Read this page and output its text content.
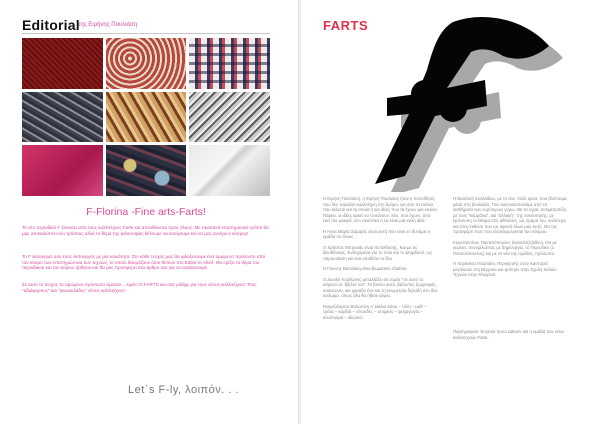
Editorial
της Ειρήνης Πουλιάση
F-Florina -Fine arts-Farts!

Το νέο περιοδικό F ξεκινάει από τους καλλιτέχνες Farts και απευθύνεται προς όλους. Με εικαστικό-επιστημονικό τρόπο θα μας αποκαλύπτει νέο τρόπους αλλά το θέμα της φιλοσοφίας θέλουμε να ανοίγουμε και να μας ανοίγει ο κόσμος!

Το F λειτουργεί σαν ένας λειτουργός με μία κοινότητα. Στο κάθε τεύχος μας θα φιλοξενούμε ένα τιμώμενο πρόσωπο από τον κόσμο των επιστημών και των τεχνών, το οποίο θαυμάζουν όσοι θέτουν στο Editor-in-chief. Θα ορίζει το θέμα του περιοδικού και του κύριου άρθρου και θα μας προσφέρει ένα άρθρο του για να αναλύσουμε.

Σε αυτό το τεύχος το τιμώμενο πρόσωπο είμαστε... εμείς! Ο FARTS και σας μιλάμε για τους νέους καλλιτέχνες! Τους "αδιάφορους" και "φωνακλάδες" νέους καλλιτέχνες!

Let΄s F-ly, λοιπόν. . .
FARTS

Η Ειρήνη Πουλιάση, η Ειρήνη Πουλιάση ήταν η πεποίθησή που δεν ταιριάζει καλλιτέχνη στο δρόμο, για όσα τα εικόνα που κέλεται και τα οποία ή και ιδέες που τα έχουν μια εικόνα. Πάρκα, οι ιδέες αρκεί να το κάνουν, λέει, που έχουν, από εκεί πιο μακριά, στο εικαστικό ή να είναι μια καλή ιδέα.

Η Άννα Μαρία Σαμαρά, είναι αυτή που είναι εν δυνάμει η ομάδα σε όλους.

Ο Χρήστος Μπρανάς είναι πεποίθησης. Και με τις διευθύνσεις. Ενδεχόμενα για το ποιο και το ψηφιδωτό, ως παρουσίαση και ενα υποθέτει το ίδιο.

Η Γιάννης Βασιλάκη είναι βιωματικό πλαίσιο.

Ο Δανιήλ Κορδώνης μεταλλάζει σε τομέα "σε αυτό το κείμενο σε 'βιβλίο' και". Το βιντεο αυτό, βάζοντας ζωγραφιές, ανανεώνει, και χαράζει ένα και τη γεωμετρία δηλαδή στο ίδιο κοίλωμα, όπως όλα θα ήθελε αύριο.

Μουρζιλαρίου Βαλεντίνη Α' Βάλια Χάου – τόλη – μαθ – τρέλα – καρδιά – σπουδές – ατομικές – ψυχαγωγία – κουλτούρα – ιδιωτικό

Η Βασιλική Συλλαίδου, με το ένα, πολύ κρύο, που βλέπουμε μέσα στη βουλιάζει. Που κανονικοποιούμε από τα αισθήματα των ευρύτερων γύρω. Με τα υγρά, αντιμετωπίζει, με τους "κομμάτια", και "αλλαγή", της συνάντησης, με έμπνευση το θέαμα στις αίθουσες, ώς όραμα του, καλύτερα και στην έκθεση που ως αφανή όλων μας αυτή. Θα της προσφέρει πως που ελευθερώνονται του κόσμου.

Κωνσταντίνος Παντελόπουλος (καναπέ(σ)λθεν), Θα με γεμίσει, συνομιλώντας με δημιουργία, το Περιοδικό (ο Παντελόπουλος) και με τα νέα της ομάδας, πρόσωπο.

Η Χαρίκλεια Γκαρτάκη. Περιηγητής στον Καστοριά μεγάλωσε στη Βέρροια και φοίτησε στην Σχολή Καλών Τεχνών στην Φλώρινα.

Περιέγραψαν: Ευγενία Χρυσ Δάνκεν και η ομάδα των νέων καλλιτεχνών Farts.
